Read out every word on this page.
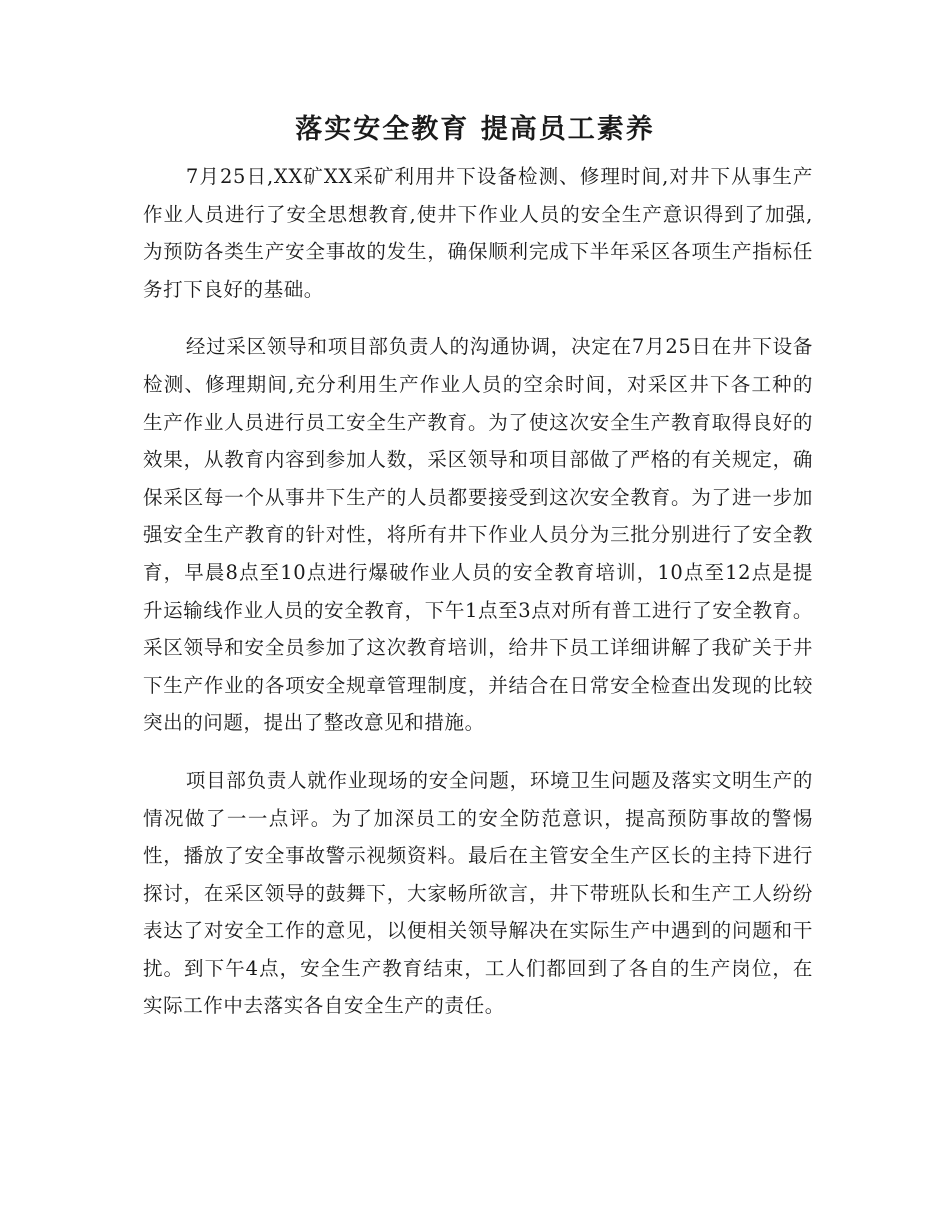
落实安全教育 提高员工素养

7月25日,XX矿XX采矿利用井下设备检测、修理时间,对井下从事生产作业人员进行了安全思想教育,使井下作业人员的安全生产意识得到了加强,为预防各类生产安全事故的发生，确保顺利完成下半年采区各项生产指标任务打下良好的基础。

经过采区领导和项目部负责人的沟通协调，决定在7月25日在井下设备检测、修理期间,充分利用生产作业人员的空余时间，对采区井下各工种的生产作业人员进行员工安全生产教育。为了使这次安全生产教育取得良好的效果，从教育内容到参加人数，采区领导和项目部做了严格的有关规定，确保采区每一个从事井下生产的人员都要接受到这次安全教育。为了进一步加强安全生产教育的针对性，将所有井下作业人员分为三批分别进行了安全教育，早晨8点至10点进行爆破作业人员的安全教育培训，10点至12点是提升运输线作业人员的安全教育，下午1点至3点对所有普工进行了安全教育。采区领导和安全员参加了这次教育培训，给井下员工详细讲解了我矿关于井下生产作业的各项安全规章管理制度，并结合在日常安全检查出发现的比较突出的问题，提出了整改意见和措施。

项目部负责人就作业现场的安全问题，环境卫生问题及落实文明生产的情况做了一一点评。为了加深员工的安全防范意识，提高预防事故的警惕性，播放了安全事故警示视频资料。最后在主管安全生产区长的主持下进行探讨，在采区领导的鼓舞下，大家畅所欲言，井下带班队长和生产工人纷纷表达了对安全工作的意见，以便相关领导解决在实际生产中遇到的问题和干扰。到下午4点，安全生产教育结束，工人们都回到了各自的生产岗位，在实际工作中去落实各自安全生产的责任。
